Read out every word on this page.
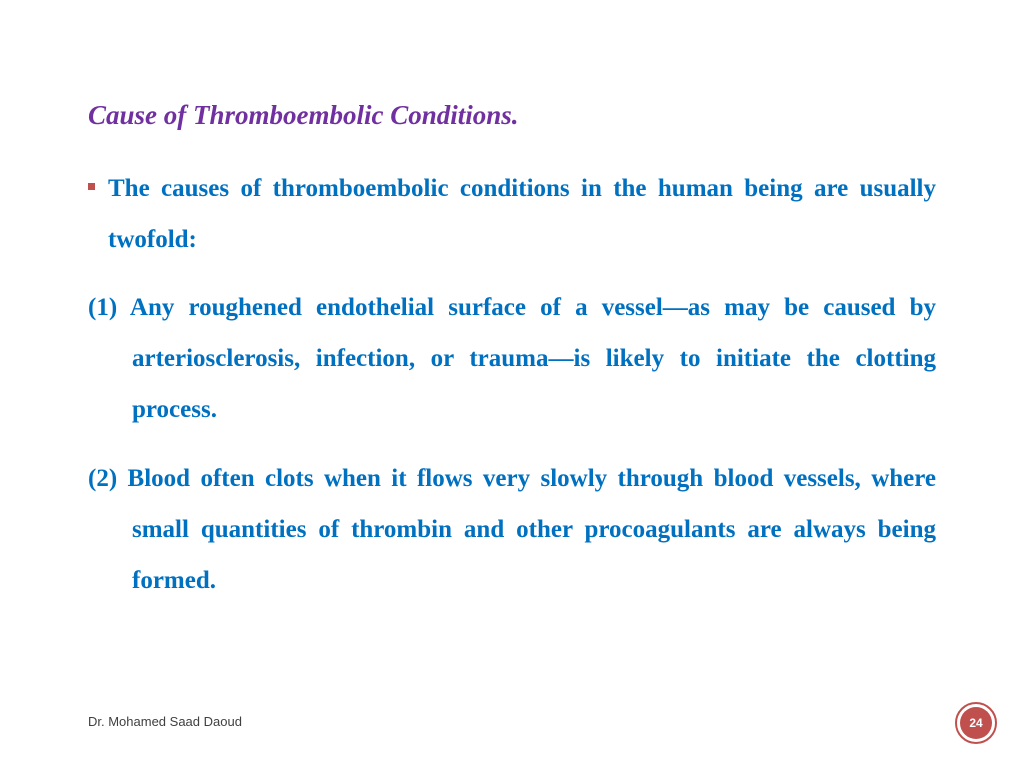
Cause of Thromboembolic Conditions.

The causes of thromboembolic conditions in the human being are usually twofold:

(1) Any roughened endothelial surface of a vessel—as may be caused by arteriosclerosis, infection, or trauma—is likely to initiate the clotting process.

(2) Blood often clots when it flows very slowly through blood vessels, where small quantities of thrombin and other procoagulants are always being formed.

Dr. Mohamed Saad Daoud	24
